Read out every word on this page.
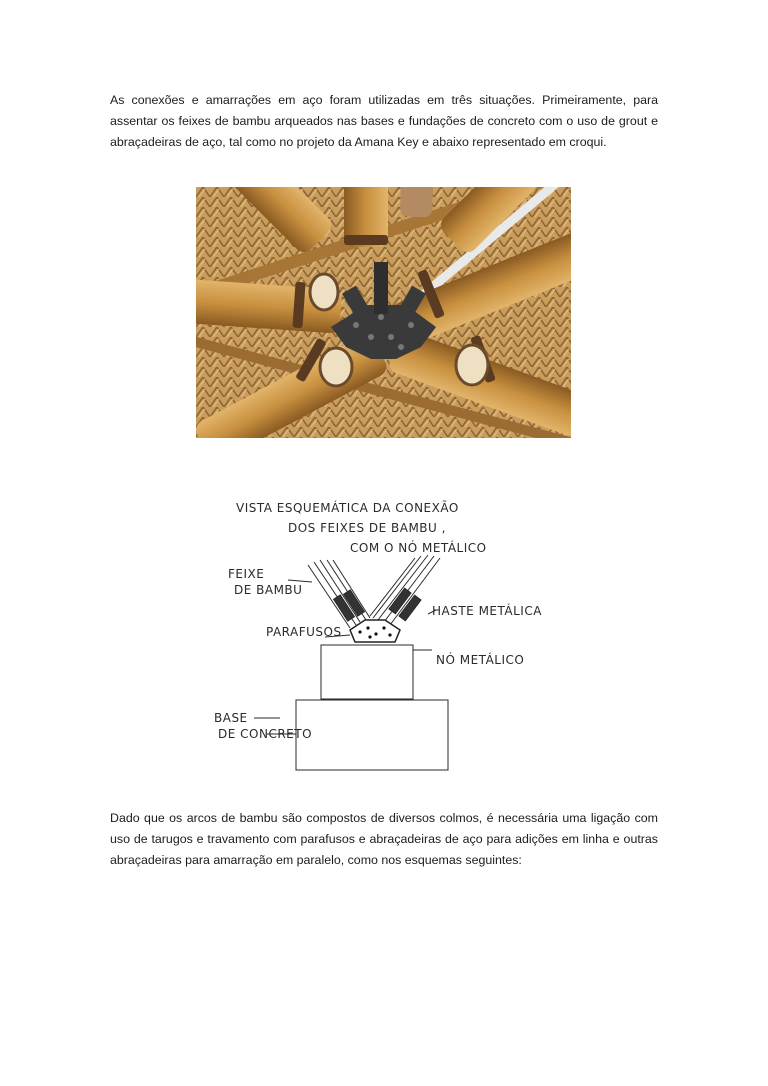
As conexões e amarrações em aço foram utilizadas em três situações. Primeiramente, para assentar os feixes de bambu arqueados nas bases e fundações de concreto com o uso de grout e abraçadeiras de aço, tal como no projeto da Amana Key e abaixo representado em croqui.

VISTA ESQUEMÁTICA DA CONEXÃO
DOS FEIXES DE BAMBU ,
COM O NÓ METÁLICO
FEIXE
DE BAMBU
HASTE METÁLICA
PARAFUSOS
NÓ METÁLICO
BASE
DE CONCRETO

Dado que os arcos de bambu são compostos de diversos colmos, é necessária uma ligação com uso de tarugos e travamento com parafusos e abraçadeiras de aço para adições em linha e outras abraçadeiras para amarração em paralelo, como nos esquemas seguintes:
